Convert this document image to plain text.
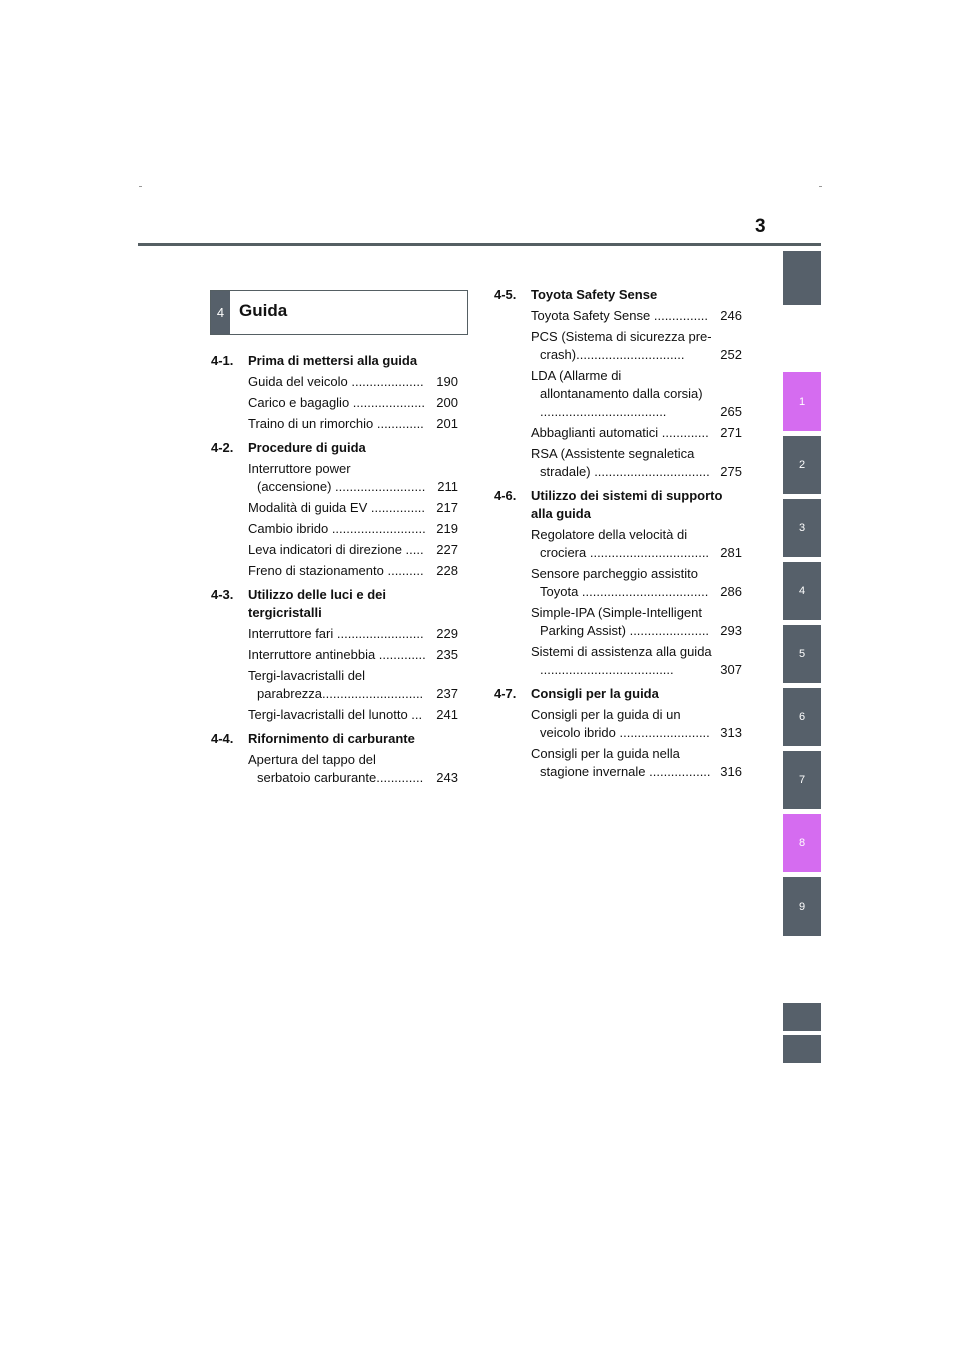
3
1
2
3
4
5
6
7
8
9
4 Guida
4-1.	Prima di mettersi alla guida
Guida del veicolo .................... 190
Carico e bagaglio .................... 200
Traino di un rimorchio ............. 201
4-2.	Procedure di guida
Interruttore power (accensione) ......................... 211
Modalità di guida EV ............... 217
Cambio ibrido .......................... 219
Leva indicatori di direzione ..... 227
Freno di stazionamento .......... 228
4-3.	Utilizzo delle luci e dei tergicristalli
Interruttore fari ........................ 229
Interruttore antinebbia ............. 235
Tergi-lavacristalli del parabrezza............................ 237
Tergi-lavacristalli del lunotto ... 241
4-4.	Rifornimento di carburante
Apertura del tappo del serbatoio carburante............. 243
4-5.	Toyota Safety Sense
Toyota Safety Sense ............... 246
PCS (Sistema di sicurezza pre-crash)..............................	252
LDA (Allarme di allontanamento dalla corsia) ...................................	265
Abbaglianti automatici ............. 271
RSA (Assistente segnaletica stradale) ................................ 275
4-6.	Utilizzo dei sistemi di supporto alla guida
Regolatore della velocità di crociera ................................. 281
Sensore parcheggio assistito Toyota ................................... 286
Simple-IPA (Simple-Intelligent Parking Assist) ...................... 293
Sistemi di assistenza alla guida .....................................	307
4-7.	Consigli per la guida
Consigli per la guida di un veicolo ibrido ......................... 313
Consigli per la guida nella stagione invernale ................. 316
